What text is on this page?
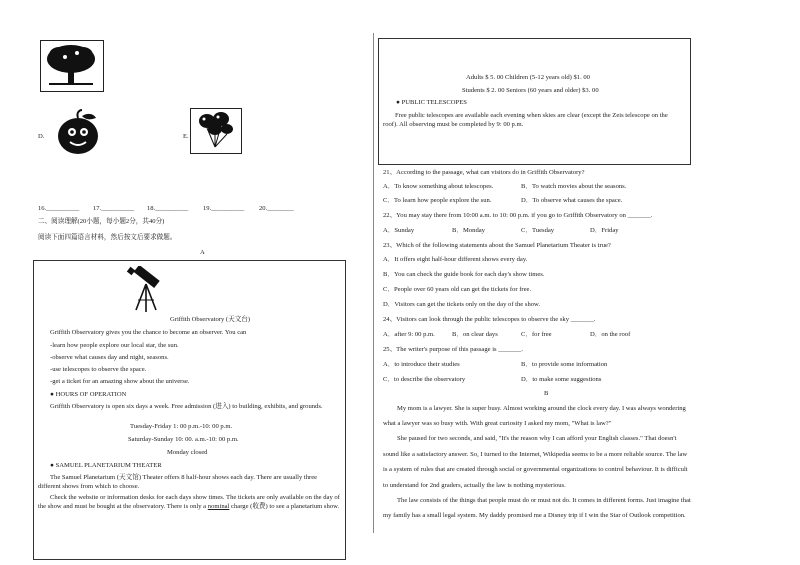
D.	E.
16.__________ 17.__________ 18.__________ 19.__________ 20.________
二、阅读理解(20小题，每小题2分，共40分)
阅读下面四篇语言材料，然后按文后要求做题。
A
Griffith Observatory (天文台)
Griffith Observatory gives you the chance to become an observer. You can
-learn how people explore our local star, the sun.
-observe what causes day and night, seasons.
-use telescopes to observe the space.
-get a ticket for an amazing show about the universe.
● HOURS OF OPERATION
Griffith Observatory is open six days a week. Free admission (进入) to building, exhibits, and grounds.
Tuesday-Friday 1: 00 p.m.-10: 00 p.m.
Saturday-Sunday 10: 00. a.m.-10: 00 p.m.
Monday closed
● SAMUEL PLANETARIUM THEATER
The Samuel Planetarium (天文馆) Theater offers 8 half-hour shows each day. There are usually three different shows from which to choose.
Check the website or information desks for each days show times. The tickets are only available on the day of the show and must be bought at the observatory. There is only a nominal charge (收费) to see a planetarium show.
Adults $ 5. 00 Children (5-12 years old) $1. 00
Students $ 2. 00 Seniors (60 years and older) $3. 00
● PUBLIC TELESCOPES
Free public telescopes are available each evening when skies are clear (except the Zeis telescope on the roof). All observing must be completed by 9: 00 p.m.
21、According to the passage, what can visitors do in Griffith Observatory?
A．To know something about telescopes.	B．To watch movies about the seasons.
C．To learn how people explore the sun.	D．To observe what causes the space.
22、You may stay there from 10:00 a.m. to 10: 00 p.m. if you go to Griffith Observatory on _______.
A．Sunday	B．Monday	C．Tuesday	D．Friday
23、Which of the following statements about the Samuel Planetarium Theater is true?
A．It offers eight half-hour different shows every day.
B．You can check the guide book for each day's show times.
C．People over 60 years old can get the tickets for free.
D．Visitors can get the tickets only on the day of the show.
24、Visitors can look through the public telescopes to observe the sky _______.
A．after 9: 00 p.m.	B．on clear days	C．for free	D．on the roof
25、The writer's purpose of this passage is _______.
A．to introduce their studies	B．to provide some information
C．to describe the observatory	D．to make some suggestions
B
My mom is a lawyer. She is super busy. Almost working around the clock every day. I was always wondering
what a lawyer was so busy with. With great curiosity I asked my mom, "What is law?"
She paused for two seconds, and said, "It's the reason why I can afford your English classes." That doesn't
sound like a satisfactory answer. So, I turned to the Internet, Wikipedia seems to be a more reliable source. The law
is a system of rules that are created through social or governmental organizations to control behaviour. It is difficult
to understand for 2nd graders, actually the law is nothing mysterious.
The law consists of the things that people must do or must not do. It comes in different forms. Just imagine that
my family has a small legal system. My daddy promised me a Disney trip if I win the Star of Outlook competition.
